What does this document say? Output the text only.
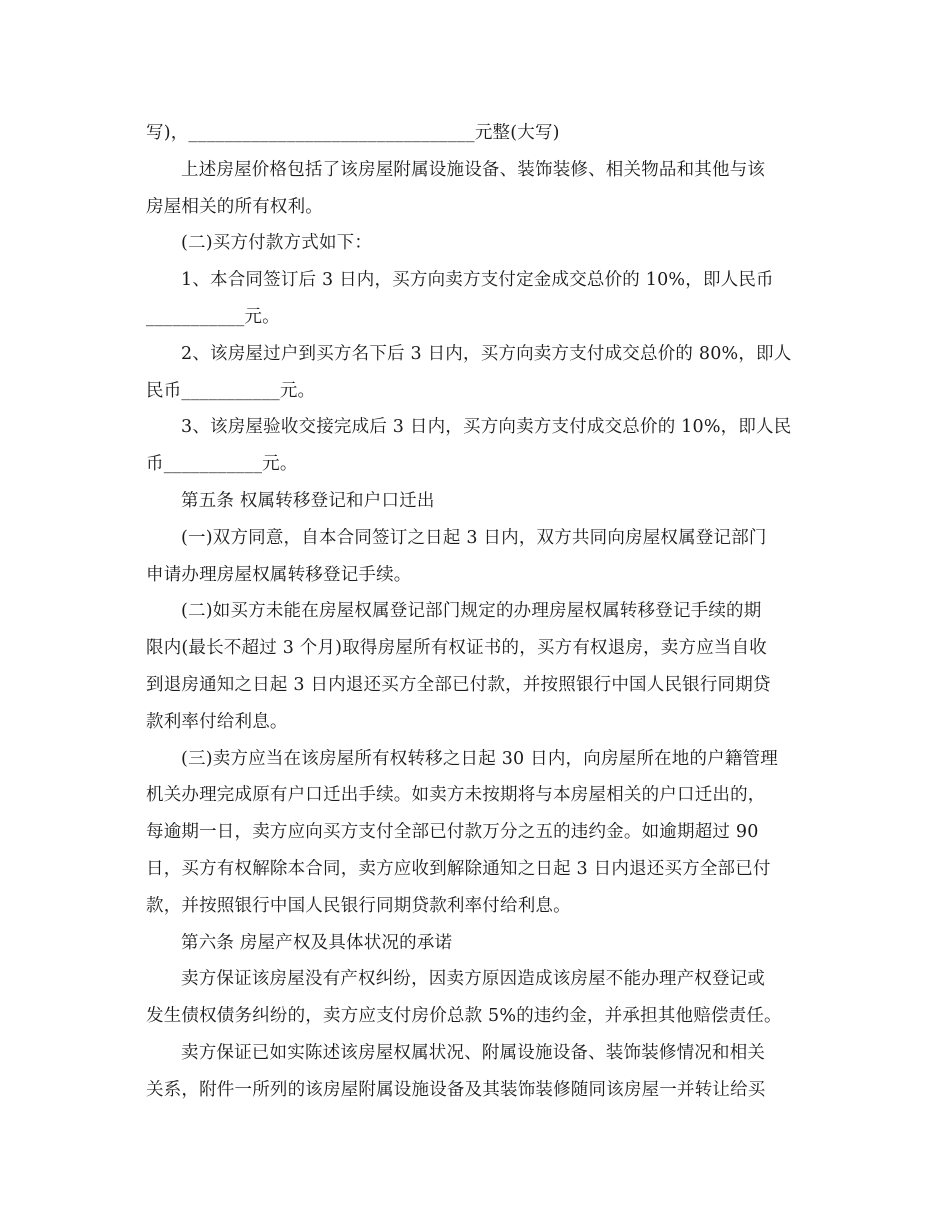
写)，________________________________元整(大写)
上述房屋价格包括了该房屋附属设施设备、装饰装修、相关物品和其他与该
房屋相关的所有权利。
(二)买方付款方式如下：
1、本合同签订后 3 日内，买方向卖方支付定金成交总价的 10%，即人民币
___________元。
2、该房屋过户到买方名下后 3 日内，买方向卖方支付成交总价的 80%，即人
民币___________元。
3、该房屋验收交接完成后 3 日内，买方向卖方支付成交总价的 10%，即人民
币___________元。
第五条 权属转移登记和户口迁出
(一)双方同意，自本合同签订之日起 3 日内，双方共同向房屋权属登记部门
申请办理房屋权属转移登记手续。
(二)如买方未能在房屋权属登记部门规定的办理房屋权属转移登记手续的期
限内(最长不超过 3 个月)取得房屋所有权证书的，买方有权退房，卖方应当自收
到退房通知之日起 3 日内退还买方全部已付款，并按照银行中国人民银行同期贷
款利率付给利息。
(三)卖方应当在该房屋所有权转移之日起 30 日内，向房屋所在地的户籍管理
机关办理完成原有户口迁出手续。如卖方未按期将与本房屋相关的户口迁出的，
每逾期一日，卖方应向买方支付全部已付款万分之五的违约金。如逾期超过 90
日，买方有权解除本合同，卖方应收到解除通知之日起 3 日内退还买方全部已付
款，并按照银行中国人民银行同期贷款利率付给利息。
第六条 房屋产权及具体状况的承诺
卖方保证该房屋没有产权纠纷，因卖方原因造成该房屋不能办理产权登记或
发生债权债务纠纷的，卖方应支付房价总款 5%的违约金，并承担其他赔偿责任。
卖方保证已如实陈述该房屋权属状况、附属设施设备、装饰装修情况和相关
关系，附件一所列的该房屋附属设施设备及其装饰装修随同该房屋一并转让给买
